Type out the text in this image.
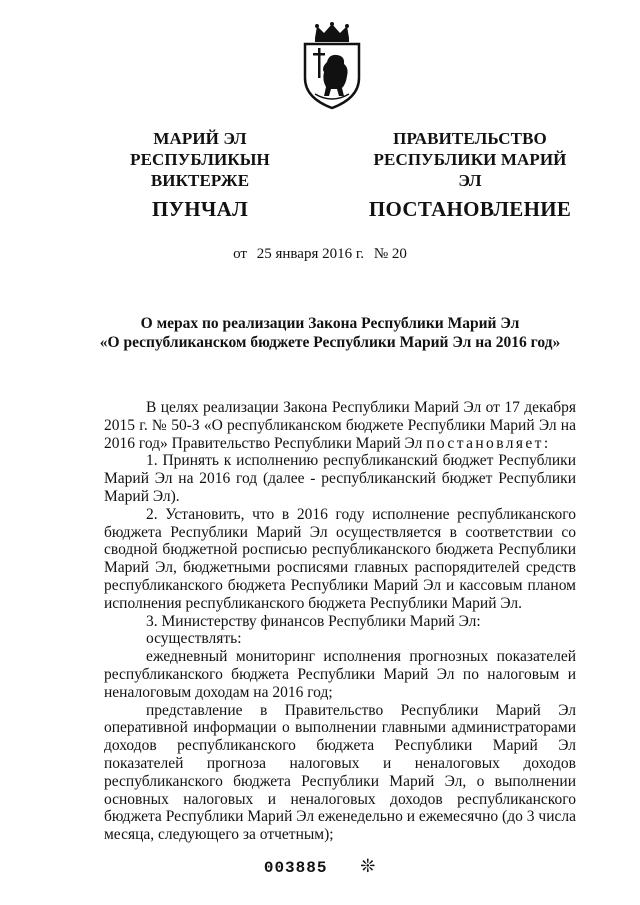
МАРИЙ ЭЛ РЕСПУБЛИКЫН
ВИКТЕРЖЕ
ПУНЧАЛ
ПРАВИТЕЛЬСТВО
РЕСПУБЛИКИ МАРИЙ ЭЛ
ПОСТАНОВЛЕНИЕ
от 25 января 2016 г. № 20
О мерах по реализации Закона Республики Марий Эл
«О республиканском бюджете Республики Марий Эл на 2016 год»

В целях реализации Закона Республики Марий Эл от 17 декабря 2015 г. № 50-З «О республиканском бюджете Республики Марий Эл на 2016 год» Правительство Республики Марий Эл постановляет:

1. Принять к исполнению республиканский бюджет Республики Марий Эл на 2016 год (далее - республиканский бюджет Республики Марий Эл).

2. Установить, что в 2016 году исполнение республиканского бюджета Республики Марий Эл осуществляется в соответствии со сводной бюджетной росписью республиканского бюджета Республики Марий Эл, бюджетными росписями главных распорядителей средств республиканского бюджета Республики Марий Эл и кассовым планом исполнения республиканского бюджета Республики Марий Эл.

3. Министерству финансов Республики Марий Эл:

осуществлять:

ежедневный мониторинг исполнения прогнозных показателей республиканского бюджета Республики Марий Эл по налоговым и неналоговым доходам на 2016 год;

представление в Правительство Республики Марий Эл оперативной информации о выполнении главными администраторами доходов республиканского бюджета Республики Марий Эл показателей прогноза налоговых и неналоговых доходов республиканского бюджета Республики Марий Эл, о выполнении основных налоговых и неналоговых доходов республиканского бюджета Республики Марий Эл еженедельно и ежемесячно (до 3 числа месяца, следующего за отчетным);

003885 ❊
